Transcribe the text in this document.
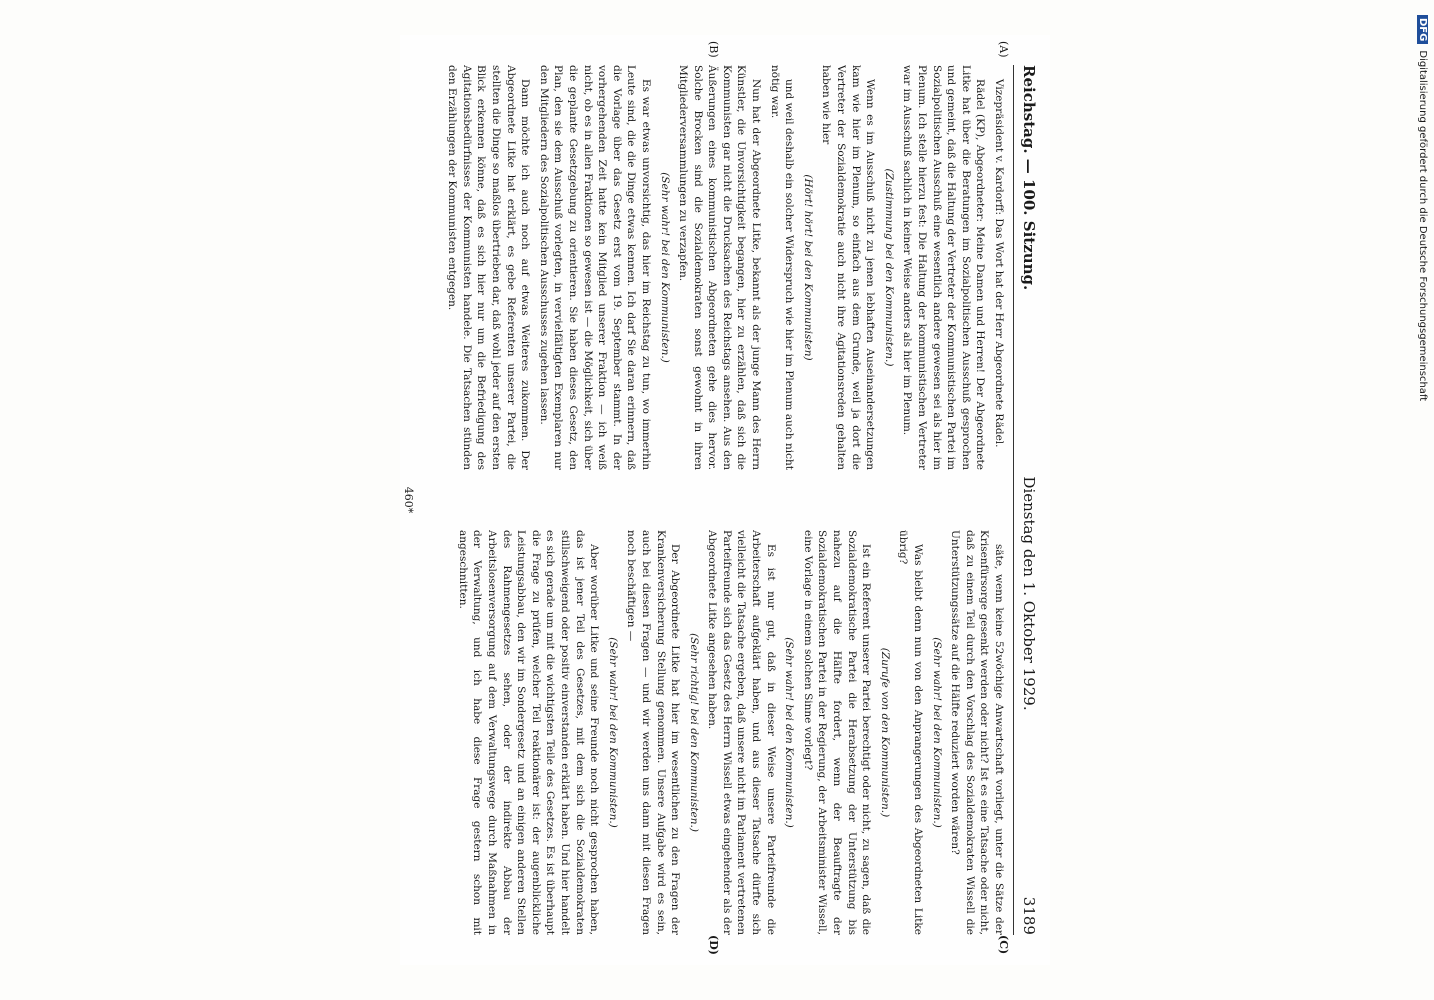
Reichstag. — 100. Sitzung.
Dienstag den 1. Oktober 1929.
3189
(A)
(B)
(C)
(D)

Vizepräsident v. Kardorff: Das Wort hat der Herr Abgeordnete Rädel.

Rädel (KP), Abgeordneter: Meine Damen und Herren! Der Abgeordnete Litke hat über die Beratungen im Sozialpolitischen Ausschuß gesprochen und gemeint, daß die Haltung der Vertreter der Kommunistischen Partei im Sozialpolitischen Ausschuß eine wesentlich andere gewesen sei als hier im Plenum. Ich stelle hierzu fest: Die Haltung der kommunistischen Vertreter war im Ausschuß sachlich in keiner Weise anders als hier im Plenum.

(Zustimmung bei den Kommunisten.)

Wenn es im Ausschuß nicht zu jenen lebhaften Auseinandersetzungen kam wie hier im Plenum, so einfach aus dem Grunde, weil ja dort die Vertreter der Sozialdemokratie auch nicht ihre Agitationsreden gehalten haben wie hier

(Hört! hört! bei den Kommunisten)

und weil deshalb ein solcher Widerspruch wie hier im Plenum auch nicht nötig war.

Nun hat der Abgeordnete Litke, bekannt als der junge Mann des Herrn Künstler, die Unvorsichtigkeit begangen, hier zu erzählen, daß sich die Kommunisten gar nicht die Drucksachen des Reichstags ansehen. Aus den Äußerungen eines kommunistischen Abgeordneten gehe dies hervor. Solche Brocken sind die Sozialdemokraten sonst gewohnt in ihren Mitgliederversammlungen zu verzapfen.

(Sehr wahr! bei den Kommunisten.)

Es war etwas unvorsichtig, das hier im Reichstag zu tun, wo immerhin Leute sind, die die Dinge etwas kennen. Ich darf Sie daran erinnern, daß die Vorlage über das Gesetz erst vom 19. September stammt. In der vorhergehenden Zeit hatte kein Mitglied unserer Fraktion — ich weiß nicht, ob es in allen Fraktionen so gewesen ist — die Möglichkeit, sich über die geplante Gesetzgebung zu orientieren. Sie haben dieses Gesetz, den Plan, den sie dem Ausschuß vorlegten, in vervielfältigten Exemplaren nur den Mitgliedern des Sozialpolitischen Ausschusses zugehen lassen.

Dann möchte ich auch noch auf etwas Weiteres zukommen. Der Abgeordnete Litke hat erklärt, es gebe Referenten unserer Partei, die stellten die Dinge so maßlos übertrieben dar, daß wohl jeder auf den ersten Blick erkennen könne, daß es sich hier nur um die Befriedigung des Agitationsbedürfnisses der Kommunisten handele. Die Tatsachen stünden den Erzählungen der Kommunisten entgegen.

säte, wenn keine 52wöchige Anwartschaft vorliegt, unter die Sätze der Krisenfürsorge gesenkt werden oder nicht? Ist es eine Tatsache oder nicht, daß zu einem Teil durch den Vorschlag des Sozialdemokraten Wissell die Unterstützungssätze auf die Hälfte reduziert worden wären?

(Sehr wahr! bei den Kommunisten.)

Was bleibt denn nun von den Anprangerungen des Abgeordneten Litke übrig?

(Zurufe von den Kommunisten.)

Ist ein Referent unserer Partei berechtigt oder nicht, zu sagen, daß die Sozialdemokratische Partei die Herabsetzung der Unterstützung bis nahezu auf die Hälfte fordert, wenn der Beauftragte der Sozialdemokratischen Partei in der Regierung, der Arbeitsminister Wissell, eine Vorlage in einem solchen Sinne vorlegt?

(Sehr wahr! bei den Kommunisten.)

Es ist nur gut, daß in dieser Weise unsere Parteifreunde die Arbeiterschaft aufgeklärt haben, und aus dieser Tatsache dürfte sich vielleicht die Tatsache ergeben, daß unsere nicht im Parlament vertretenen Parteifreunde sich das Gesetz des Herrn Wissell etwas eingehender als der Abgeordnete Litke angesehen haben.

(Sehr richtig! bei den Kommunisten.)

Der Abgeordnete Litke hat hier im wesentlichen zu den Fragen der Krankenversicherung Stellung genommen. Unsere Aufgabe wird es sein, auch bei diesen Fragen — und wir werden uns dann mit diesen Fragen noch beschäftigen —

(Sehr wahr! bei den Kommunisten.)

Aber worüber Litke und seine Freunde noch nicht gesprochen haben, das ist jener Teil des Gesetzes, mit dem sich die Sozialdemokraten stillschweigend oder positiv einverstanden erklärt haben. Und hier handelt es sich gerade um mit die wichtigsten Teile des Gesetzes. Es ist überhaupt die Frage zu prüfen, welcher Teil reaktionärer ist: der augenblickliche Leistungsabbau, den wir im Sondergesetz und an einigen anderen Stellen des Rahmengesetzes sehen, oder der indirekte Abbau der Arbeitslosenversorgung auf dem Verwaltungswege durch Maßnahmen in der Verwaltung, und ich habe diese Frage gestern schon mit angeschnitten.

460*
DFGDigitalisierung gefördert durch die Deutsche Forschungsgemeinschaft
